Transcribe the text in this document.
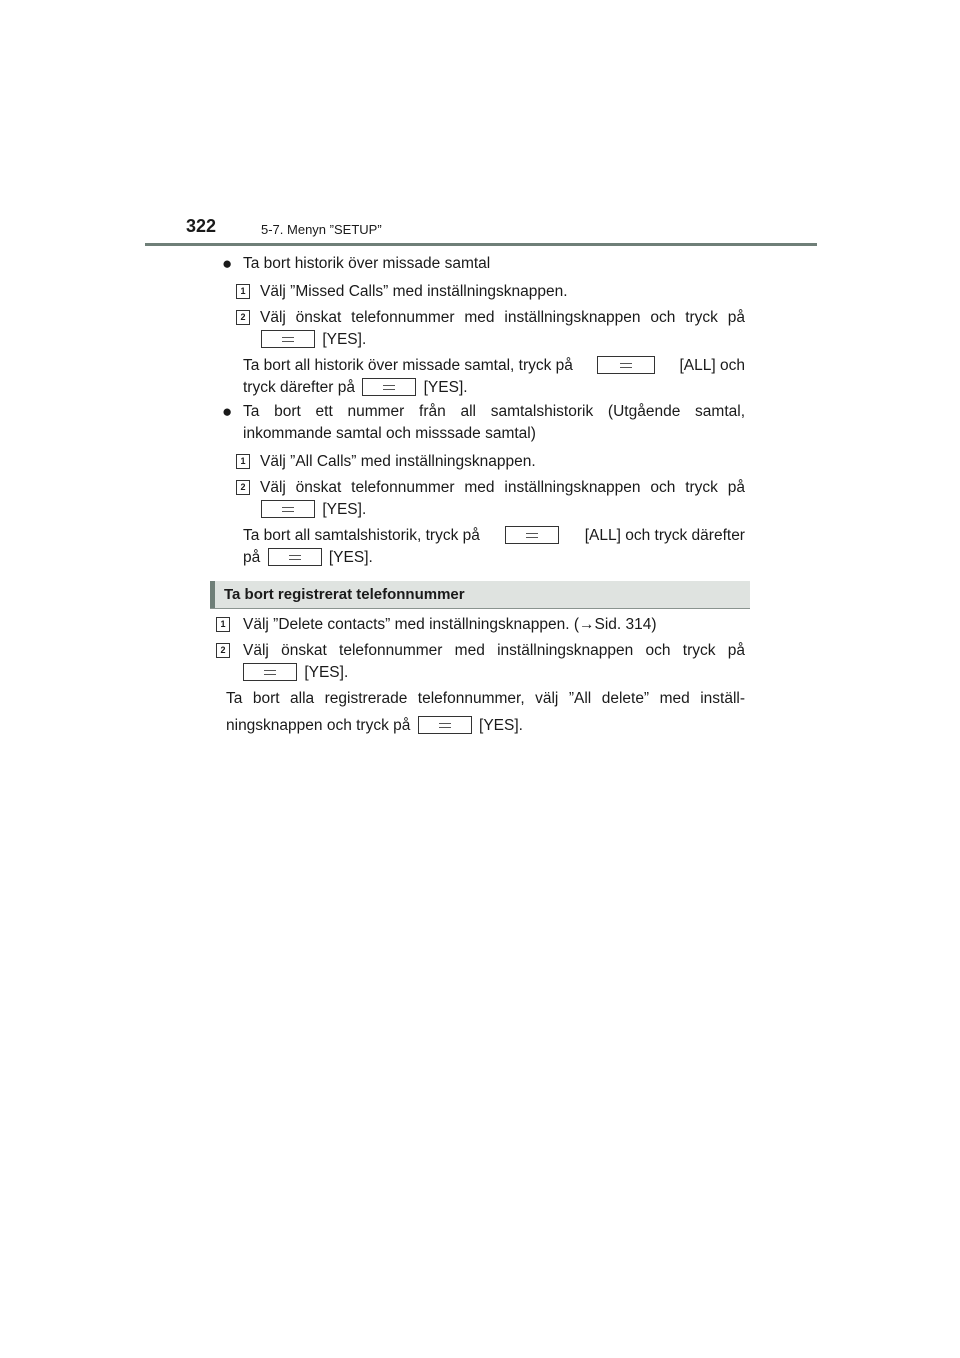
322	5-7. Menyn ”SETUP”
● Ta bort historik över missade samtal
1 Välj ”Missed Calls” med inställningsknappen.
2 Välj önskat telefonnummer med inställningsknappen och tryck på
[YES].
Ta bort all historik över missade samtal, tryck på	[ALL] och
tryck därefter på	[YES].
● Ta bort ett nummer från all samtalshistorik (Utgående samtal,
inkommande samtal och misssade samtal)
1 Välj ”All Calls” med inställningsknappen.
2 Välj önskat telefonnummer med inställningsknappen och tryck på
[YES].
Ta bort all samtalshistorik, tryck på	[ALL] och tryck därefter
på	[YES].
Ta bort registrerat telefonnummer
1 Välj ”Delete contacts” med inställningsknappen. (→Sid. 314)
2 Välj önskat telefonnummer med inställningsknappen och tryck på
[YES].
Ta bort alla registrerade telefonnummer, välj ”All delete” med inställ-
ningsknappen och tryck på	[YES].
